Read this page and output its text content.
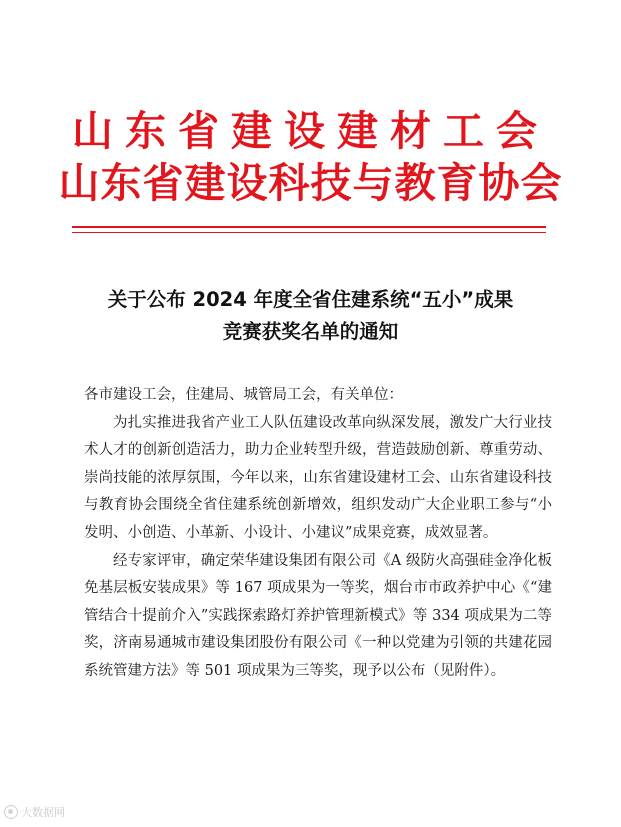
山东省建设建材工会
山东省建设科技与教育协会
关于公布 2024 年度全省住建系统“五小”成果
竞赛获奖名单的通知

各市建设工会，住建局、城管局工会，有关单位：

为扎实推进我省产业工人队伍建设改革向纵深发展，激发广大行业技术人才的创新创造活力，助力企业转型升级，营造鼓励创新、尊重劳动、崇尚技能的浓厚氛围，今年以来，山东省建设建材工会、山东省建设科技与教育协会围绕全省住建系统创新增效，组织发动广大企业职工参与“小发明、小创造、小革新、小设计、小建议”成果竞赛，成效显著。

经专家评审，确定荣华建设集团有限公司《A 级防火高强硅金净化板免基层板安装成果》等 167 项成果为一等奖，烟台市市政养护中心《“建管结合十提前介入”实践探索路灯养护管理新模式》等 334 项成果为二等奖，济南易通城市建设集团股份有限公司《一种以党建为引领的共建花园系统管建方法》等 501 项成果为三等奖，现予以公布（见附件）。

大数据网
